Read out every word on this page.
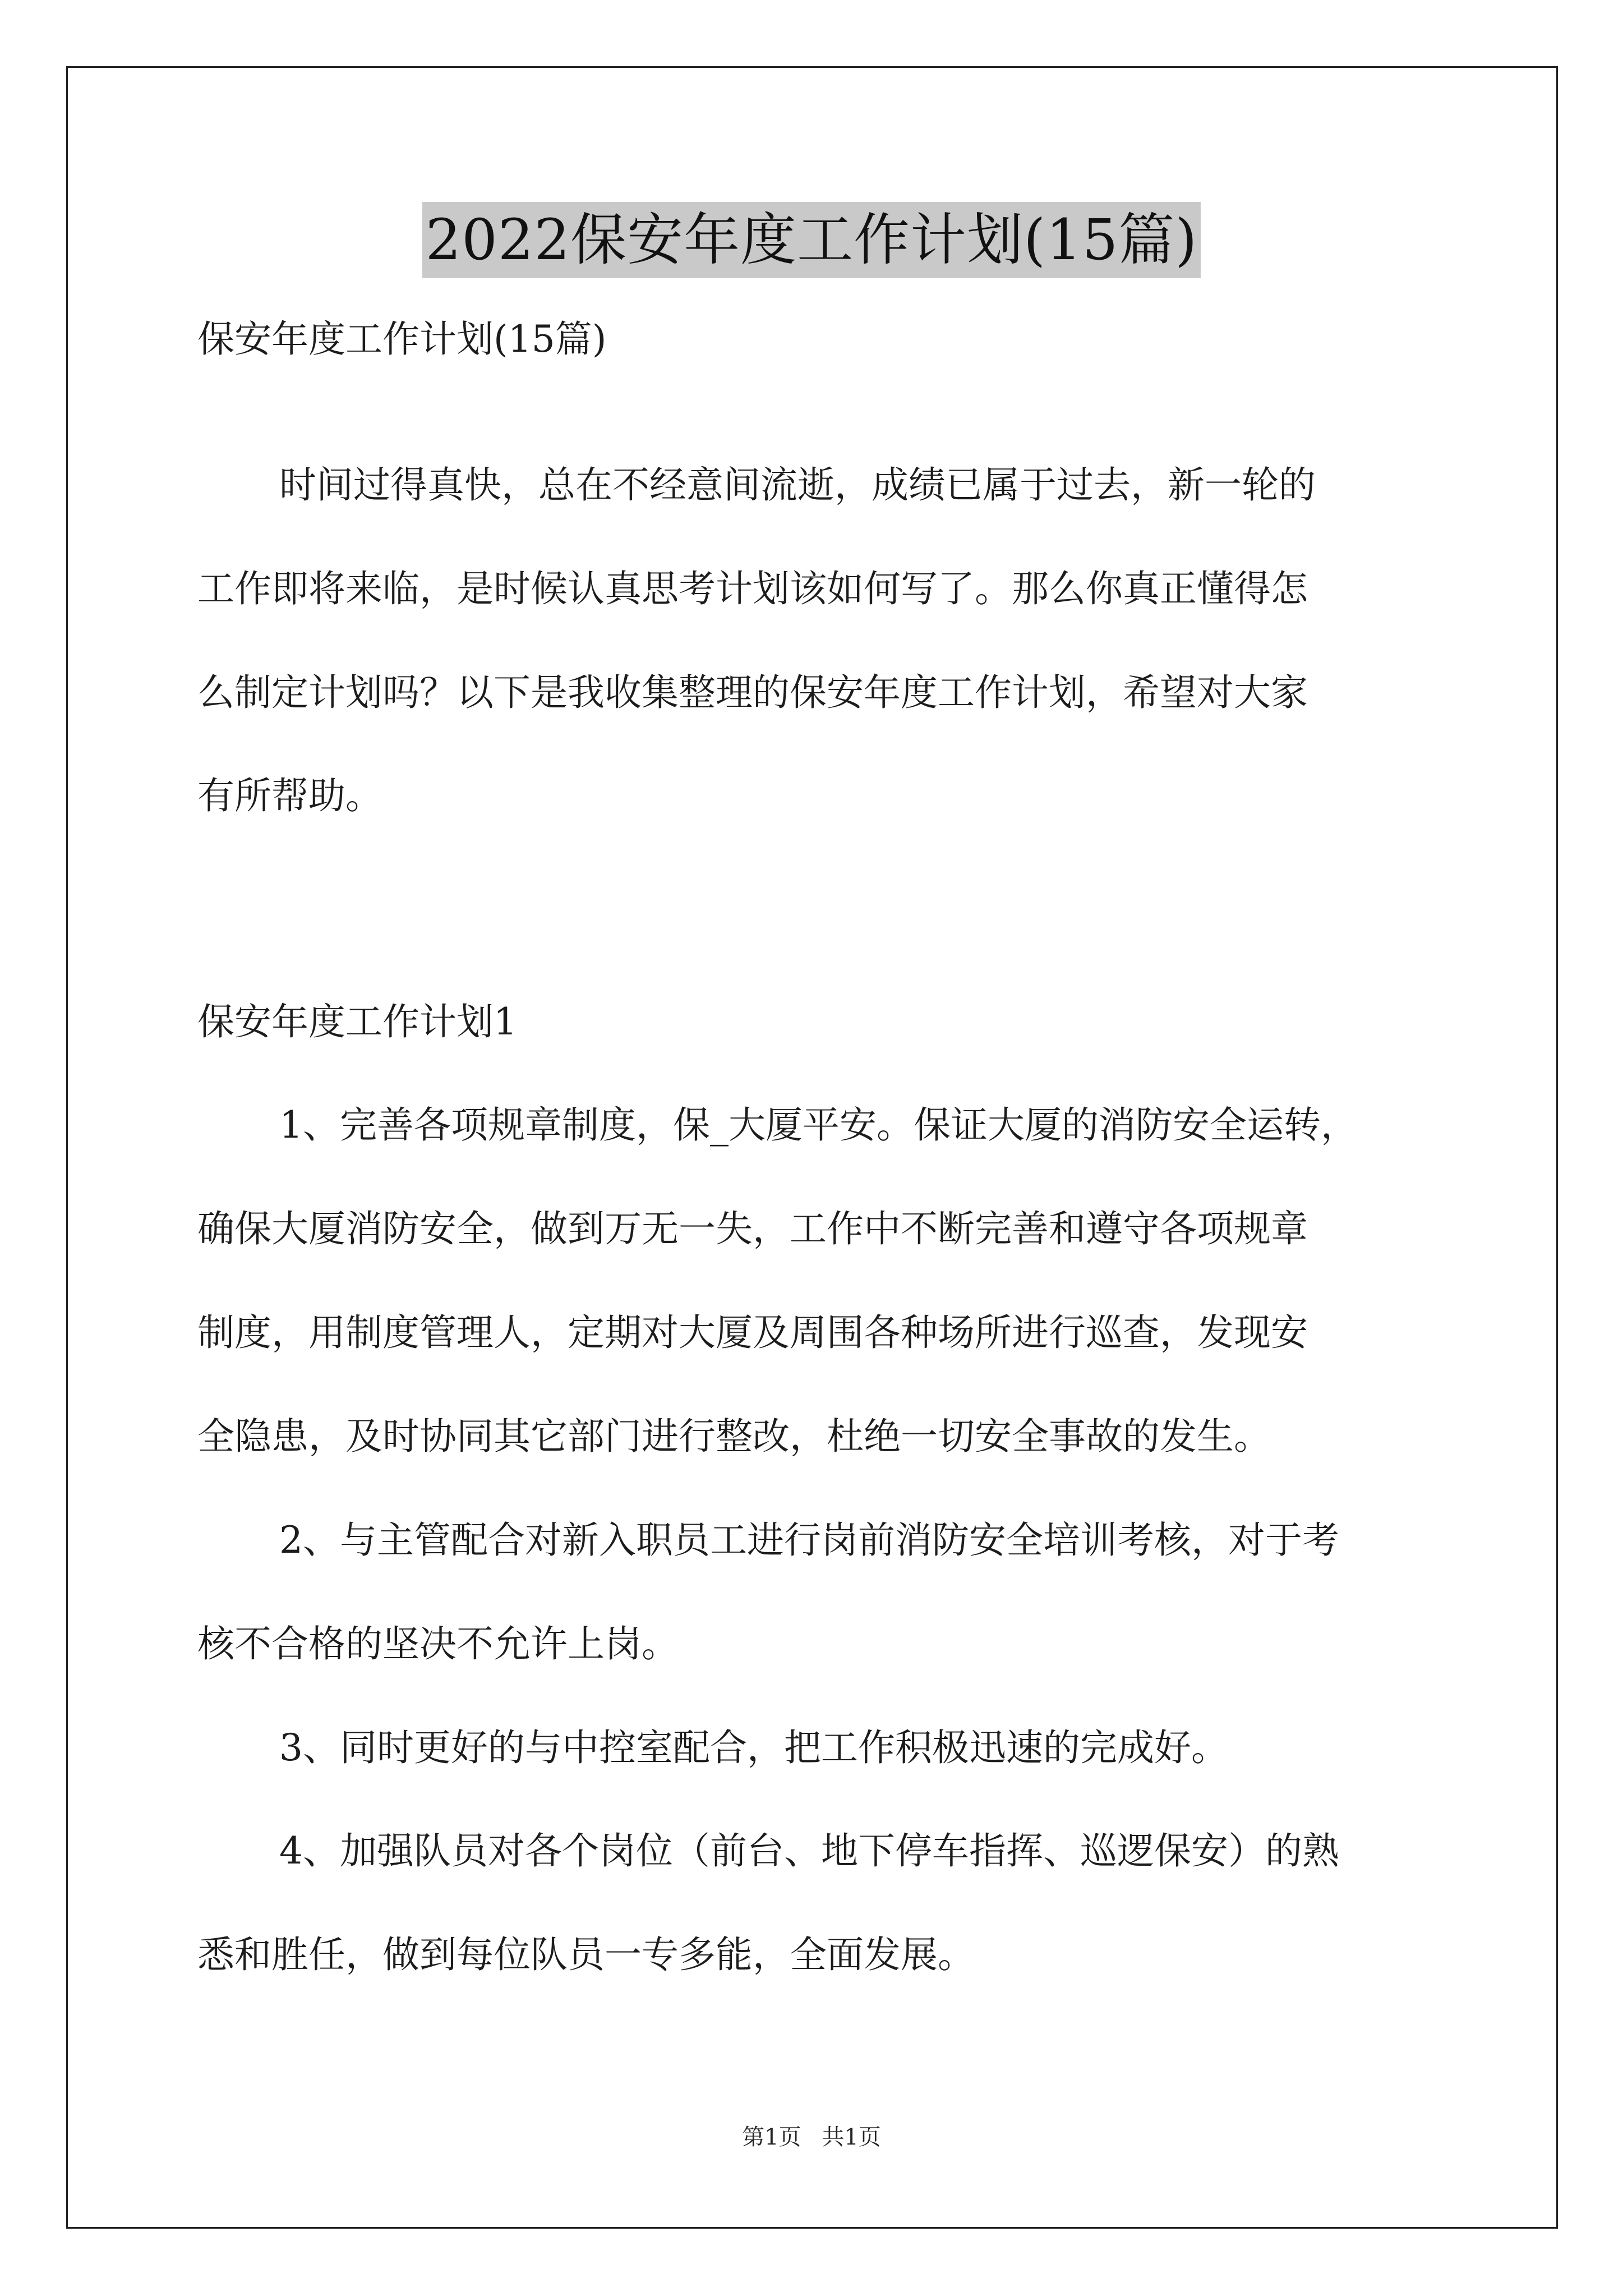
2022保安年度工作计划(15篇)
保安年度工作计划(15篇)
时间过得真快，总在不经意间流逝，成绩已属于过去，新一轮的
工作即将来临，是时候认真思考计划该如何写了。那么你真正懂得怎
么制定计划吗？以下是我收集整理的保安年度工作计划，希望对大家
有所帮助。
保安年度工作计划1
1、完善各项规章制度，保_大厦平安。保证大厦的消防安全运转，
确保大厦消防安全，做到万无一失，工作中不断完善和遵守各项规章
制度，用制度管理人，定期对大厦及周围各种场所进行巡查，发现安
全隐患，及时协同其它部门进行整改，杜绝一切安全事故的发生。
2、与主管配合对新入职员工进行岗前消防安全培训考核，对于考
核不合格的坚决不允许上岗。
3、同时更好的与中控室配合，把工作积极迅速的完成好。
4、加强队员对各个岗位（前台、地下停车指挥、巡逻保安）的熟
悉和胜任，做到每位队员一专多能，全面发展。
第1页 共1页
